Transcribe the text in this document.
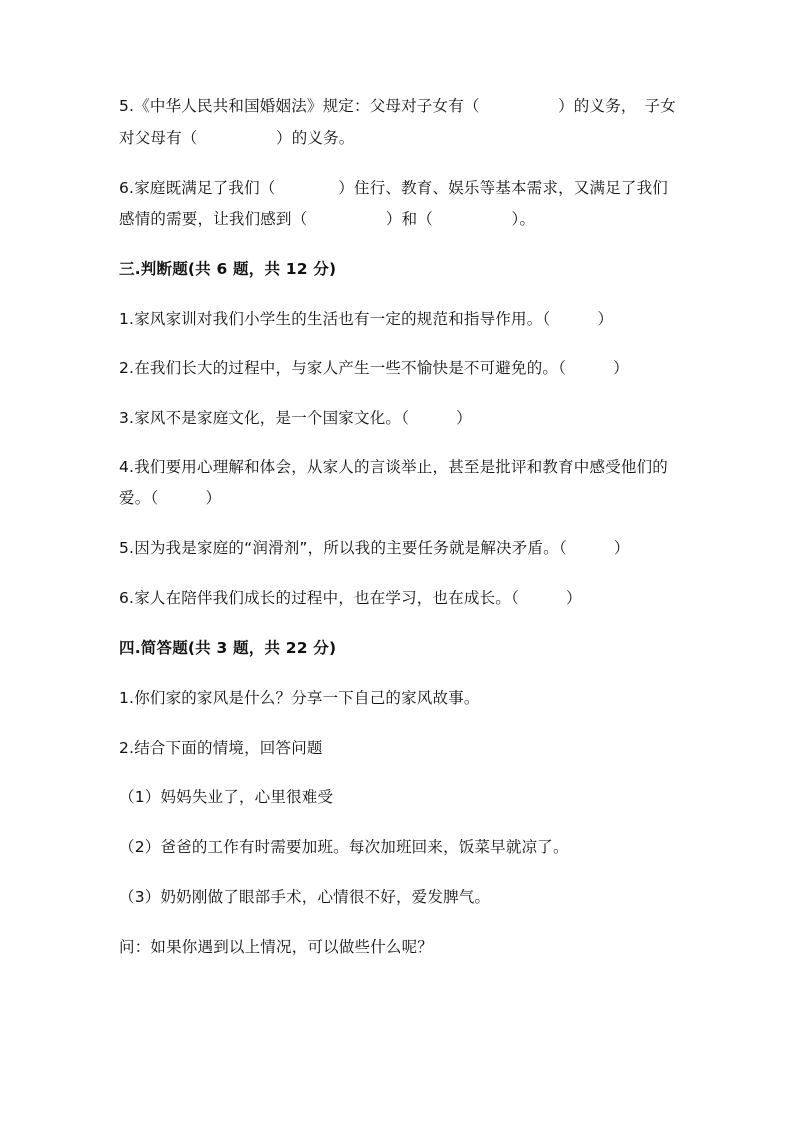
5.《中华人民共和国婚姻法》规定：父母对子女有（　　　　　）的义务，　子女
对父母有（　　　　　）的义务。
6.家庭既满足了我们（　　　　）住行、教育、娱乐等基本需求，又满足了我们
感情的需要，让我们感到（　　　　　）和（　　　　　）。
三.判断题(共 6 题，共 12 分)
1.家风家训对我们小学生的生活也有一定的规范和指导作用。（　　　）
2.在我们长大的过程中，与家人产生一些不愉快是不可避免的。（　　　）
3.家风不是家庭文化，是一个国家文化。（　　　）
4.我们要用心理解和体会，从家人的言谈举止，甚至是批评和教育中感受他们的
爱。（　　　）
5.因为我是家庭的“润滑剂”，所以我的主要任务就是解决矛盾。（　　　）
6.家人在陪伴我们成长的过程中，也在学习，也在成长。（　　　）
四.简答题(共 3 题，共 22 分)
1.你们家的家风是什么？分享一下自己的家风故事。
2.结合下面的情境，回答问题
（1）妈妈失业了，心里很难受
（2）爸爸的工作有时需要加班。每次加班回来，饭菜早就凉了。
（3）奶奶刚做了眼部手术，心情很不好，爱发脾气。
问：如果你遇到以上情况，可以做些什么呢？
